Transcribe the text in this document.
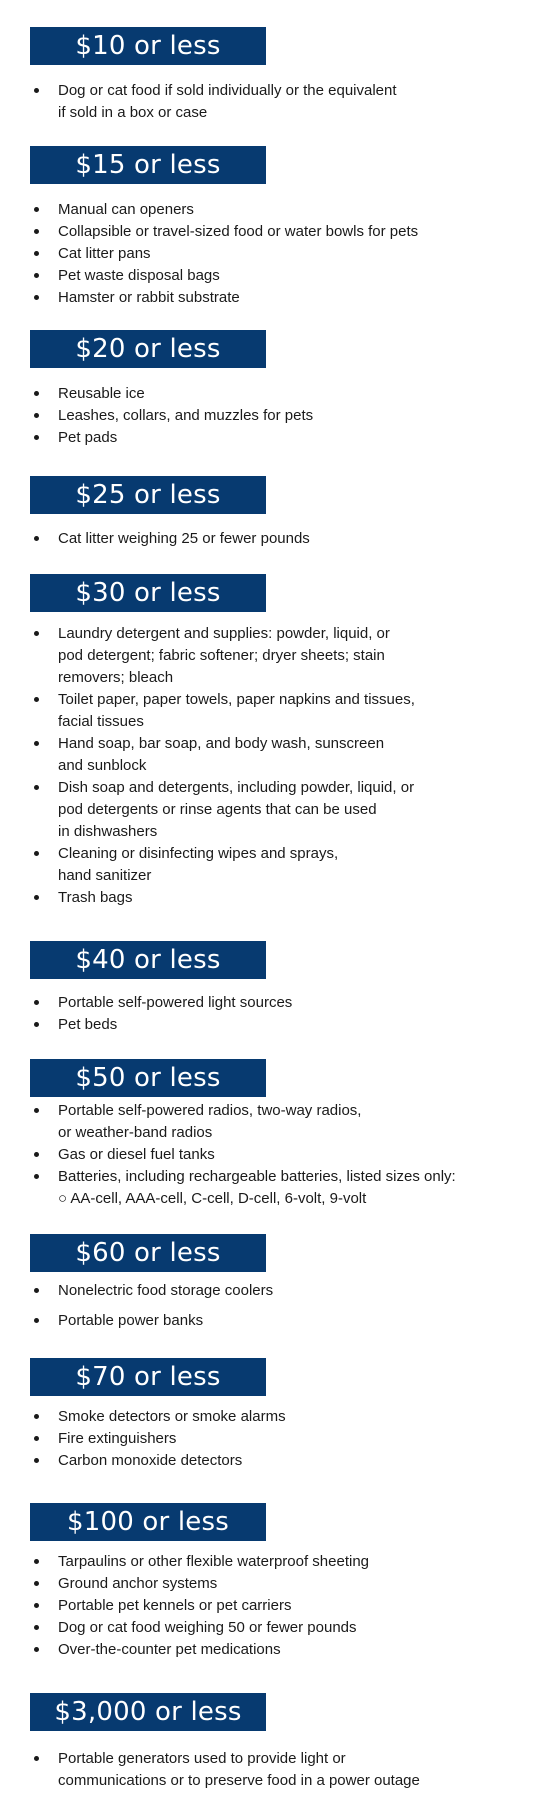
$10 or less
Dog or cat food if sold individually or the equivalent
if sold in a box or case
$15 or less
Manual can openers
Collapsible or travel-sized food or water bowls for pets
Cat litter pans
Pet waste disposal bags
Hamster or rabbit substrate
$20 or less
Reusable ice
Leashes, collars, and muzzles for pets
Pet pads
$25 or less
Cat litter weighing 25 or fewer pounds
$30 or less
Laundry detergent and supplies: powder, liquid, or
pod detergent; fabric softener; dryer sheets; stain
removers; bleach
Toilet paper, paper towels, paper napkins and tissues,
facial tissues
Hand soap, bar soap, and body wash, sunscreen
and sunblock
Dish soap and detergents, including powder, liquid, or
pod detergents or rinse agents that can be used
in dishwashers
Cleaning or disinfecting wipes and sprays,
hand sanitizer
Trash bags
$40 or less
Portable self-powered light sources
Pet beds
$50 or less
Portable self-powered radios, two-way radios,
or weather-band radios
Gas or diesel fuel tanks
Batteries, including rechargeable batteries, listed sizes only:
○ AA-cell, AAA-cell, C-cell, D-cell, 6-volt, 9-volt
$60 or less
Nonelectric food storage coolers
Portable power banks
$70 or less
Smoke detectors or smoke alarms
Fire extinguishers
Carbon monoxide detectors
$100 or less
Tarpaulins or other flexible waterproof sheeting
Ground anchor systems
Portable pet kennels or pet carriers
Dog or cat food weighing 50 or fewer pounds
Over-the-counter pet medications
$3,000 or less
Portable generators used to provide light or
communications or to preserve food in a power outage
